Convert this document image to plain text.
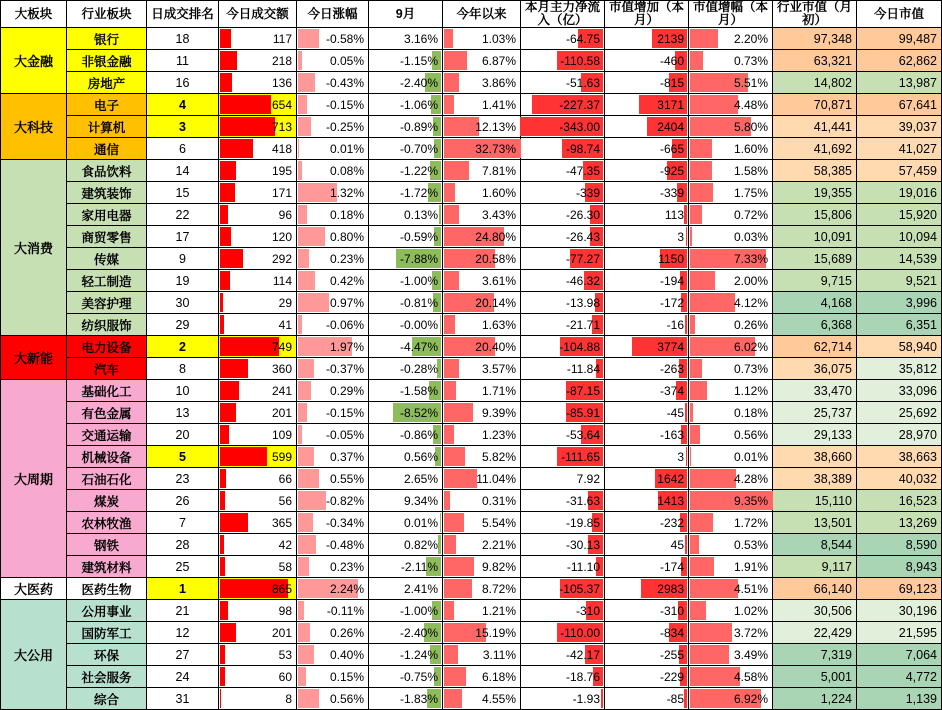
大板块	行业板块	日成交排名	今日成交额	今日涨幅	9月	今年以来	本月主力净流入（亿）	市值增加（本月）	市值增幅（本月）	行业市值（月初）	今日市值
大金融	银行	18	117	-0.58%	3.16%	1.03%	-64.75	2139	2.20%	97,348	99,487
	非银金融	11	218	0.05%	-1.15%	6.87%	-110.58	-460	0.73%	63,321	62,862
	房地产	16	136	-0.43%	-2.40%	3.86%	-51.63	-815	5.51%	14,802	13,987
大科技	电子	4	654	-0.15%	-1.06%	1.41%	-227.37	3171	4.48%	70,871	67,641
	计算机	3	713	-0.25%	-0.89%	12.13%	-343.00	2404	5.80%	41,441	39,037
	通信	6	418	0.01%	-0.70%	32.73%	-98.74	-665	1.60%	41,692	41,027
大消费	食品饮料	14	195	0.08%	-1.22%	7.81%	-47.35	-925	1.58%	58,385	57,459
	建筑装饰	15	171	1.32%	-1.72%	1.60%	-339	-339	1.75%	19,355	19,016
	家用电器	22	96	0.18%	0.13%	3.43%	-26.30	113	0.72%	15,806	15,920
	商贸零售	17	120	0.80%	-0.59%	24.80%	-26.43	3	0.03%	10,091	10,094
	传媒	9	292	0.23%	-7.88%	20.58%	-77.27	1150	7.33%	15,689	14,539
	轻工制造	19	114	0.42%	-1.00%	3.61%	-46.32	-194	2.00%	9,715	9,521
	美容护理	30	29	0.97%	-0.81%	20.14%	-13.98	-172	4.12%	4,168	3,996
	纺织服饰	29	41	-0.06%	-0.00%	1.63%	-21.71	-16	0.26%	6,368	6,351
大新能	电力设备	2	749	1.97%	-4.47%	20.40%	-104.88	3774	6.02%	62,714	58,940
	汽车	8	360	-0.37%	-0.28%	3.57%	-11.84	-263	0.73%	36,075	35,812
大周期	基础化工	10	241	0.29%	-1.58%	1.71%	-87.15	-374	1.12%	33,470	33,096
	有色金属	13	201	-0.15%	-8.52%	9.39%	-85.91	-45	0.18%	25,737	25,692
	交通运输	20	109	-0.05%	-0.86%	1.23%	-53.64	-163	0.56%	29,133	28,970
	机械设备	5	599	0.37%	0.56%	5.82%	-111.65	3	0.01%	38,660	38,663
	石油石化	23	66	0.55%	2.65%	11.04%	7.92	1642	4.28%	38,389	40,032
	煤炭	26	56	-0.82%	9.34%	0.31%	-31.63	1413	9.35%	15,110	16,523
	农林牧渔	7	365	-0.34%	0.01%	5.54%	-19.85	-232	1.72%	13,501	13,269
	钢铁	28	42	-0.48%	0.82%	2.21%	-30.13	45	0.53%	8,544	8,590
	建筑材料	25	58	0.23%	-2.11%	9.82%	-11.10	-174	1.91%	9,117	8,943
大医药	医药生物	1	865	2.24%	2.41%	8.72%	-105.37	2983	4.51%	66,140	69,123
大公用	公用事业	21	98	-0.11%	-1.00%	1.21%	-310	-310	1.02%	30,506	30,196
	国防军工	12	201	0.26%	-2.40%	15.19%	-110.00	-834	3.72%	22,429	21,595
	环保	27	53	0.40%	-1.24%	3.11%	-42.17	-255	3.49%	7,319	7,064
	社会服务	24	60	0.15%	-0.75%	6.18%	-18.76	-229	4.58%	5,001	4,772
	综合	31	8	0.56%	-1.83%	4.55%	-1.93	-85	6.92%	1,224	1,139
